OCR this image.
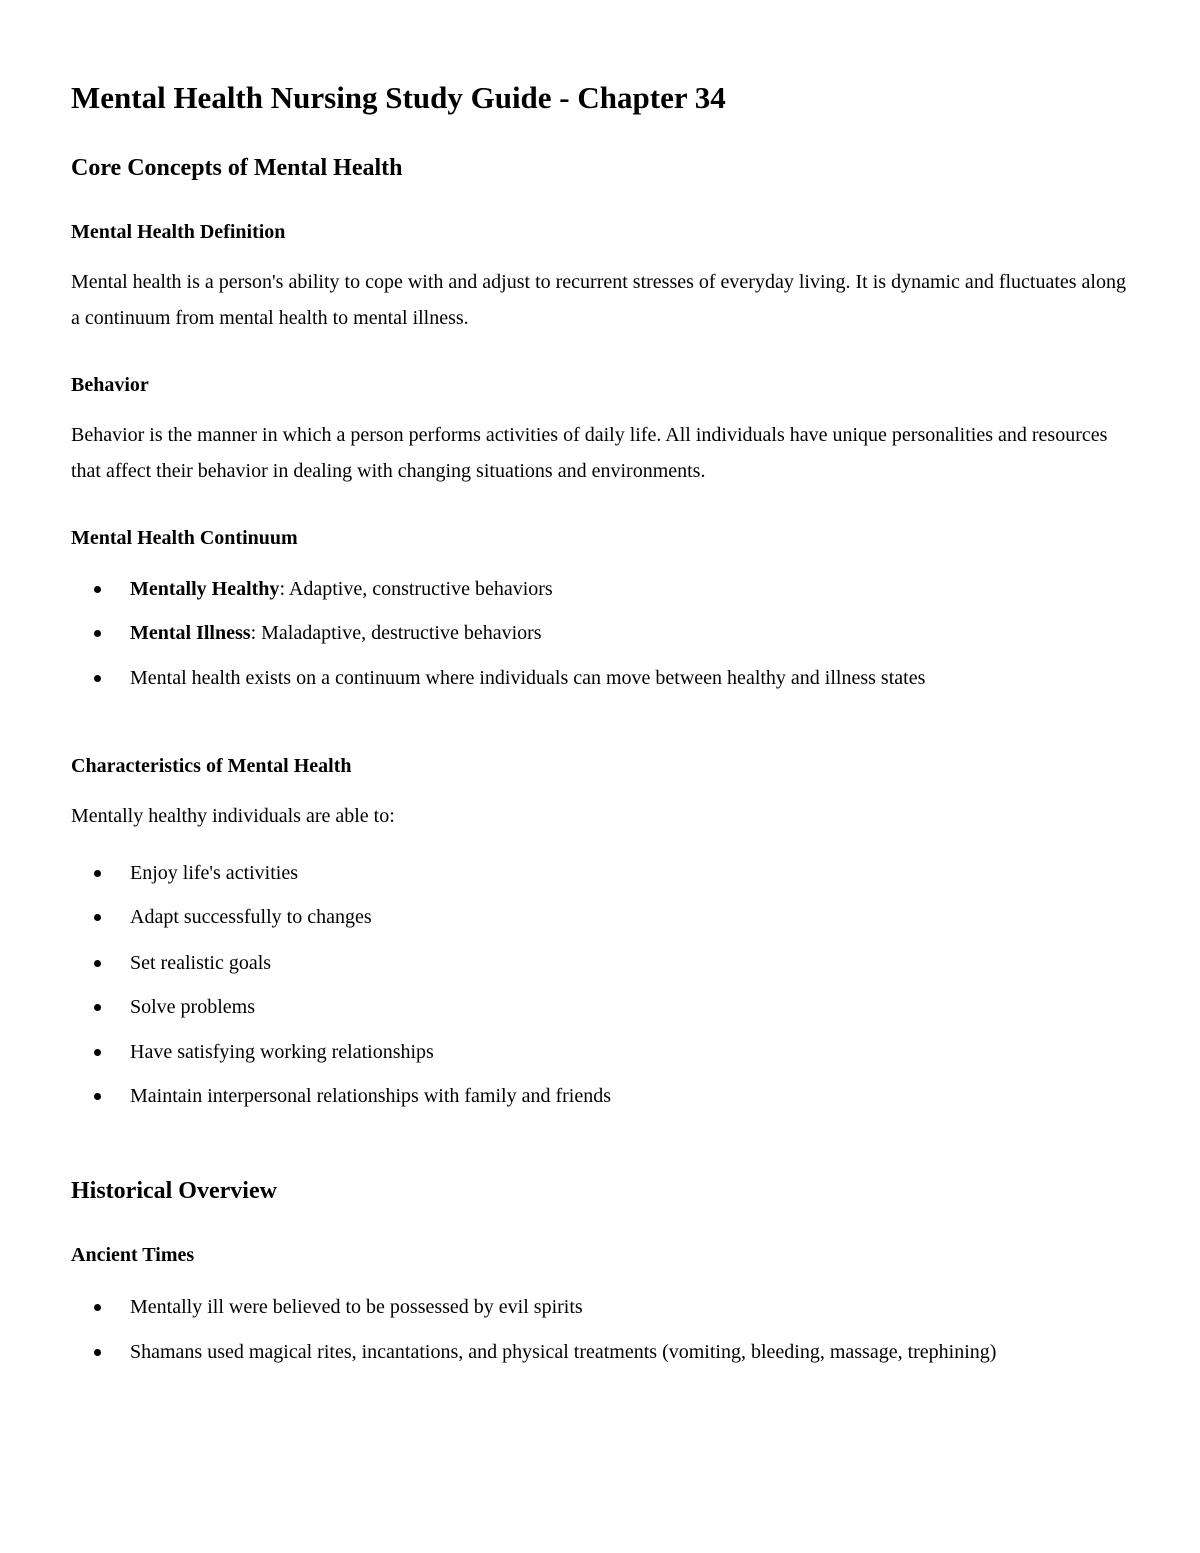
Mental Health Nursing Study Guide - Chapter 34
Core Concepts of Mental Health
Mental Health Definition

Mental health is a person's ability to cope with and adjust to recurrent stresses of everyday living. It is dynamic and fluctuates along a continuum from mental health to mental illness.

Behavior

Behavior is the manner in which a person performs activities of daily life. All individuals have unique personalities and resources that affect their behavior in dealing with changing situations and environments.

Mental Health Continuum
Mentally Healthy: Adaptive, constructive behaviors
Mental Illness: Maladaptive, destructive behaviors
Mental health exists on a continuum where individuals can move between healthy and illness states
Characteristics of Mental Health

Mentally healthy individuals are able to:

Enjoy life's activities
Adapt successfully to changes
Set realistic goals
Solve problems
Have satisfying working relationships
Maintain interpersonal relationships with family and friends
Historical Overview
Ancient Times
Mentally ill were believed to be possessed by evil spirits
Shamans used magical rites, incantations, and physical treatments (vomiting, bleeding, massage, trephining)
